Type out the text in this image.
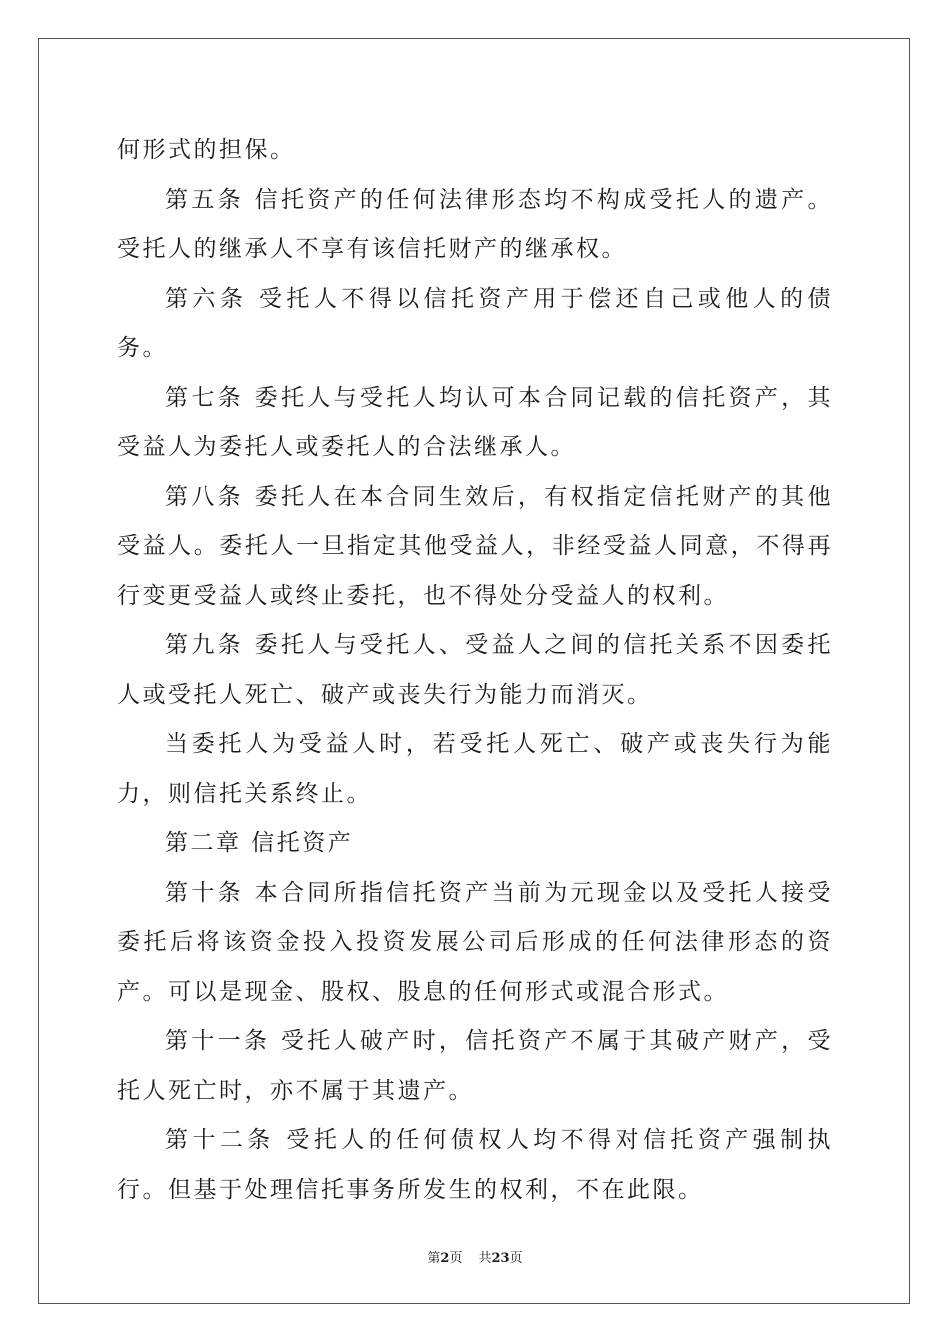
何形式的担保。

第五条 信托资产的任何法律形态均不构成受托人的遗产。受托人的继承人不享有该信托财产的继承权。

第六条 受托人不得以信托资产用于偿还自己或他人的债务。

第七条 委托人与受托人均认可本合同记载的信托资产，其受益人为委托人或委托人的合法继承人。

第八条 委托人在本合同生效后，有权指定信托财产的其他受益人。委托人一旦指定其他受益人，非经受益人同意，不得再行变更受益人或终止委托，也不得处分受益人的权利。

第九条 委托人与受托人、受益人之间的信托关系不因委托人或受托人死亡、破产或丧失行为能力而消灭。

当委托人为受益人时，若受托人死亡、破产或丧失行为能力，则信托关系终止。

第二章 信托资产

第十条 本合同所指信托资产当前为元现金以及受托人接受委托后将该资金投入投资发展公司后形成的任何法律形态的资产。可以是现金、股权、股息的任何形式或混合形式。

第十一条 受托人破产时，信托资产不属于其破产财产，受托人死亡时，亦不属于其遗产。

第十二条 受托人的任何债权人均不得对信托资产强制执行。但基于处理信托事务所发生的权利，不在此限。

第2页 共23页
